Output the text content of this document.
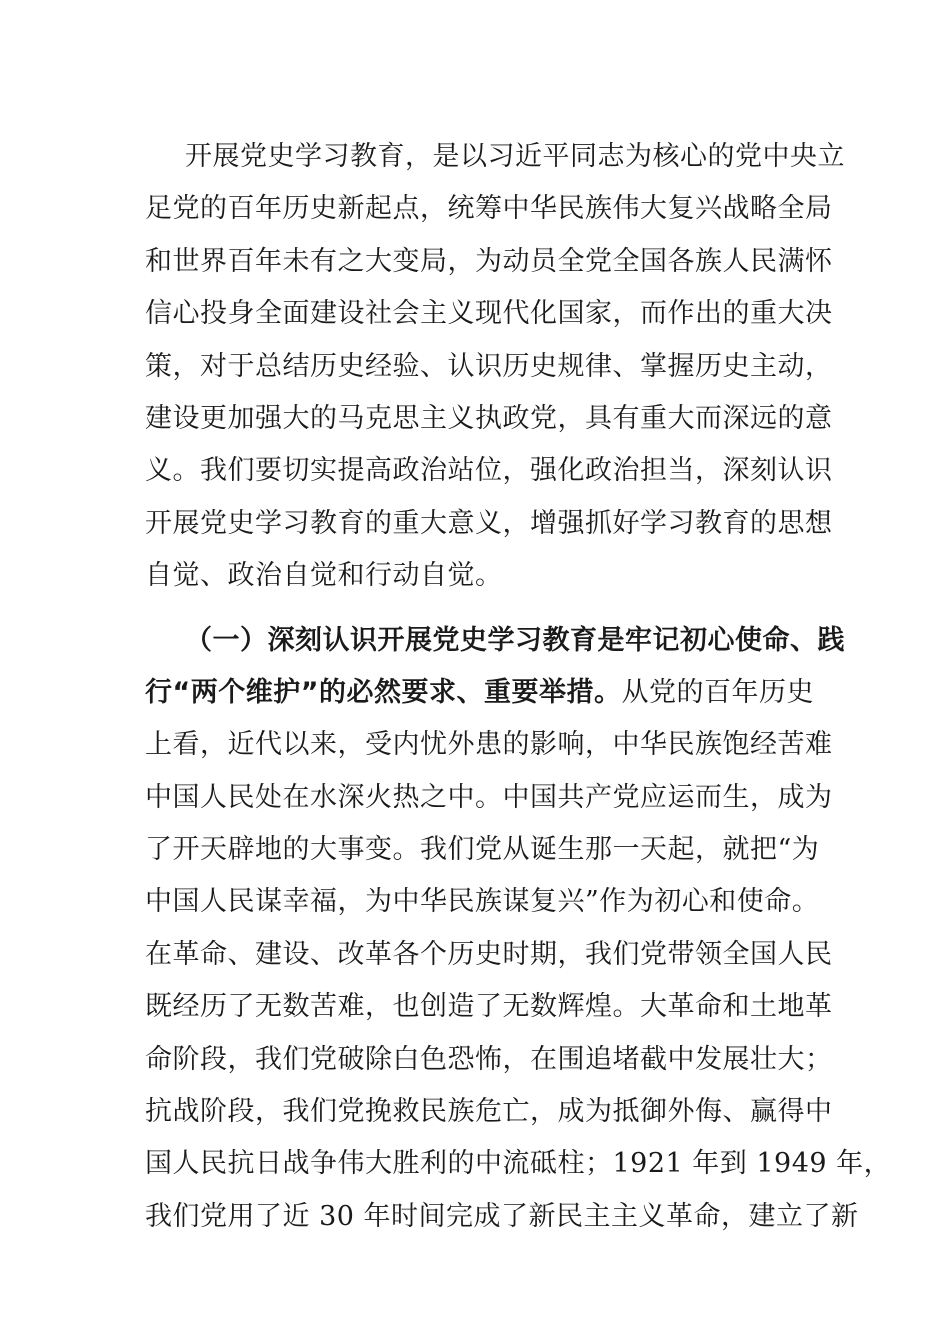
开展党史学习教育，是以习近平同志为核心的党中央立
足党的百年历史新起点，统筹中华民族伟大复兴战略全局
和世界百年未有之大变局，为动员全党全国各族人民满怀
信心投身全面建设社会主义现代化国家，而作出的重大决
策，对于总结历史经验、认识历史规律、掌握历史主动，
建设更加强大的马克思主义执政党，具有重大而深远的意
义。我们要切实提高政治站位，强化政治担当，深刻认识
开展党史学习教育的重大意义，增强抓好学习教育的思想
自觉、政治自觉和行动自觉。
（一）深刻认识开展党史学习教育是牢记初心使命、践
行“两个维护”的必然要求、重要举措。从党的百年历史
上看，近代以来，受内忧外患的影响，中华民族饱经苦难
中国人民处在水深火热之中。中国共产党应运而生，成为
了开天辟地的大事变。我们党从诞生那一天起，就把“为
中国人民谋幸福，为中华民族谋复兴”作为初心和使命。
在革命、建设、改革各个历史时期，我们党带领全国人民
既经历了无数苦难，也创造了无数辉煌。大革命和土地革
命阶段，我们党破除白色恐怖，在围追堵截中发展壮大；
抗战阶段，我们党挽救民族危亡，成为抵御外侮、赢得中
国人民抗日战争伟大胜利的中流砥柱；1921 年到 1949 年，
我们党用了近 30 年时间完成了新民主主义革命，建立了新
